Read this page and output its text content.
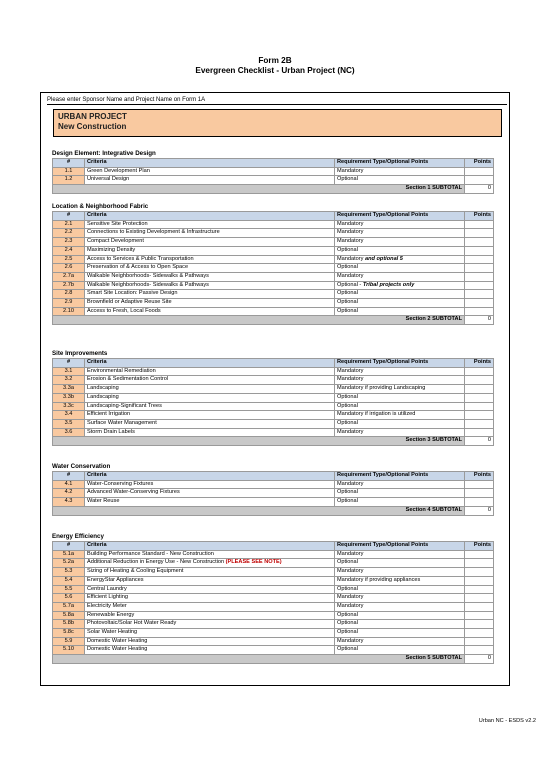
Form 2B
Evergreen Checklist - Urban Project (NC)
Please enter Sponsor Name and Project Name on Form 1A
URBAN PROJECT
New Construction
Design Element: Integrative Design
#	Criteria	Requirement Type/Optional Points	Points
1.1	Green Development Plan	Mandatory	
1.2	Universal Design	Optional	
Section 1 SUBTOTAL			0
Location & Neighborhood Fabric
#	Criteria	Requirement Type/Optional Points	Points
2.1	Sensitive Site Protection	Mandatory	
2.2	Connections to Existing Development & Infrastructure	Mandatory	
2.3	Compact Development	Mandatory	
2.4	Maximizing Density	Optional	
2.5	Access to Services & Public Transportation	Mandatory and optional 5	
2.6	Preservation of & Access to Open Space	Optional	
2.7a	Walkable Neighborhoods- Sidewalks & Pathways	Mandatory	
2.7b	Walkable Neighborhoods- Sidewalks & Pathways	Optional - Tribal projects only	
2.8	Smart Site Location: Passive Design	Optional	
2.9	Brownfield or Adaptive Reuse Site	Optional	
2.10	Access to Fresh, Local Foods	Optional	
Section 2 SUBTOTAL			0
Site Improvements
#	Criteria	Requirement Type/Optional Points	Points
3.1	Environmental Remediation	Mandatory	
3.2	Erosion & Sedimentation Control	Mandatory	
3.3a	Landscaping	Mandatory if providing Landscaping	
3.3b	Landscaping	Optional	
3.3c	Landscaping-Significant Trees	Optional	
3.4	Efficient Irrigation	Mandatory if irrigation is utilized	
3.5	Surface Water Management	Optional	
3.6	Storm Drain Labels	Mandatory	
Section 3 SUBTOTAL			0
Water Conservation
#	Criteria	Requirement Type/Optional Points	Points
4.1	Water-Conserving Fixtures	Mandatory	
4.2	Advanced Water-Conserving Fixtures	Optional	
4.3	Water Reuse	Optional	
Section 4 SUBTOTAL			0
Energy Efficiency
#	Criteria	Requirement Type/Optional Points	Points
5.1a	Building Performance Standard - New Construction	Mandatory	
5.2a	Additional Reduction in Energy Use - New Construction (PLEASE SEE NOTE)	Optional	
5.3	Sizing of Heating & Cooling Equipment	Mandatory	
5.4	EnergyStar Appliances	Mandatory if providing appliances	
5.5	Central Laundry	Optional	
5.6	Efficient Lighting	Mandatory	
5.7a	Electricity Meter	Mandatory	
5.8a	Renewable Energy	Optional	
5.8b	Photovoltaic/Solar Hot Water Ready	Optional	
5.8c	Solar Water Heating	Optional	
5.9	Domestic Water Heating	Mandatory	
5.10	Domestic Water Heating	Optional	
Section 5 SUBTOTAL			0
Urban NC - ESDS v2.2
